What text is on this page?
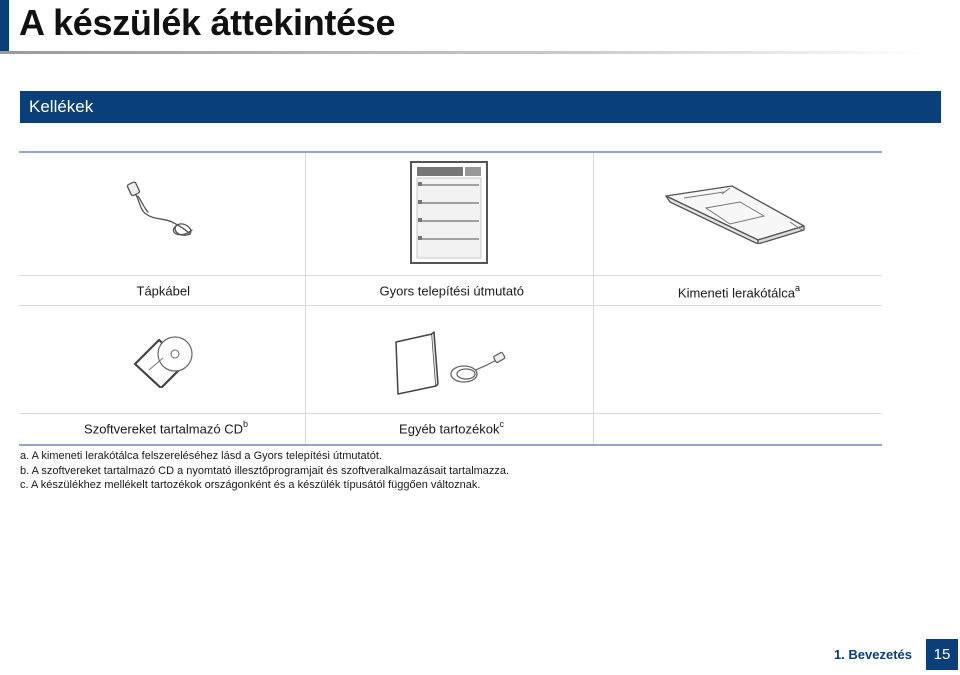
A készülék áttekintése
Kellékek
Tápkábel	Gyors telepítési útmutató	Kimeneti lerakótálca$^a$
Szoftvereket tartalmazó $CD^b$	Egyéb tartozékok$^c$
a. A kimeneti lerakótálca felszereléséhez lásd a Gyors telepítési útmutatót.
b. A szoftvereket tartalmazó CD a nyomtató illesztőprogramjait és szoftveralkalmazásait tartalmazza.
c. A készülékhez mellékelt tartozékok országonként és a készülék típusától függően változnak.
1. Bevezetés	15
